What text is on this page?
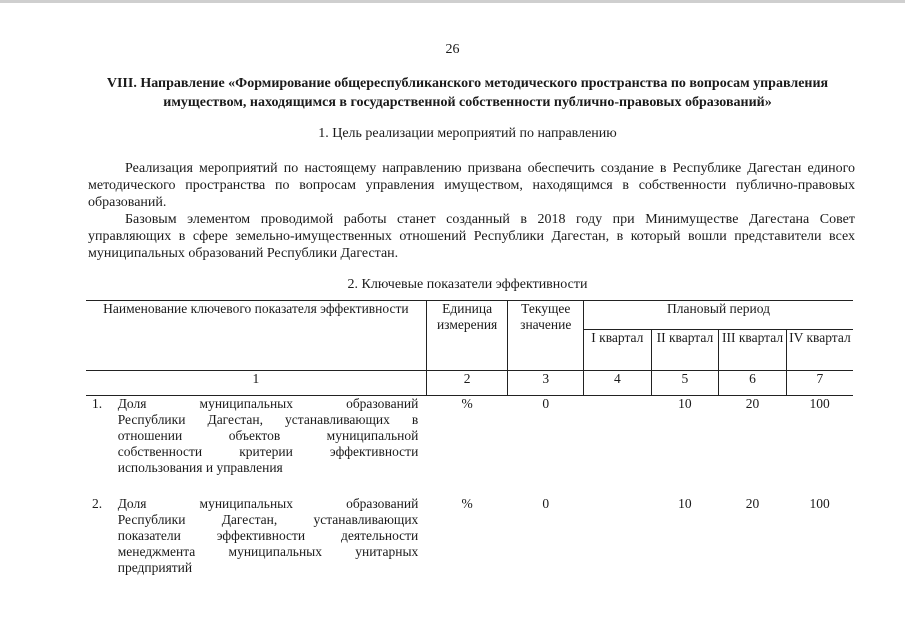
26
VIII. Направление «Формирование общереспубликанского методического пространства по вопросам управления имуществом, находящимся в государственной собственности публично-правовых образований»
1. Цель реализации мероприятий по направлению

Реализация мероприятий по настоящему направлению призвана обеспечить создание в Республике Дагестан единого методического пространства по вопросам управления имуществом, находящимся в собственности публично-правовых образований.

Базовым элементом проводимой работы станет созданный в 2018 году при Минимуществе Дагестана Совет управляющих в сфере земельно-имущественных отношений Республики Дагестан, в который вошли представители всех муниципальных образований Республики Дагестан.

2. Ключевые показатели эффективности
Наименование ключевого показателя эффективности		Единица измерения	Текущее значение	Плановый период			
				I квартал	II квартал	III квартал	IV квартал
1		2	3	4	5	6	7
1.	Доля муниципальных образований
Республики Дагестан, устанавливающих в
отношении объектов муниципальной
собственности критерии эффективности
использования и управления	%	0		10	20	100
2.	Доля муниципальных образований
Республики Дагестан, устанавливающих
показатели эффективности деятельности
менеджмента муниципальных унитарных
предприятий	%	0		10	20	100
